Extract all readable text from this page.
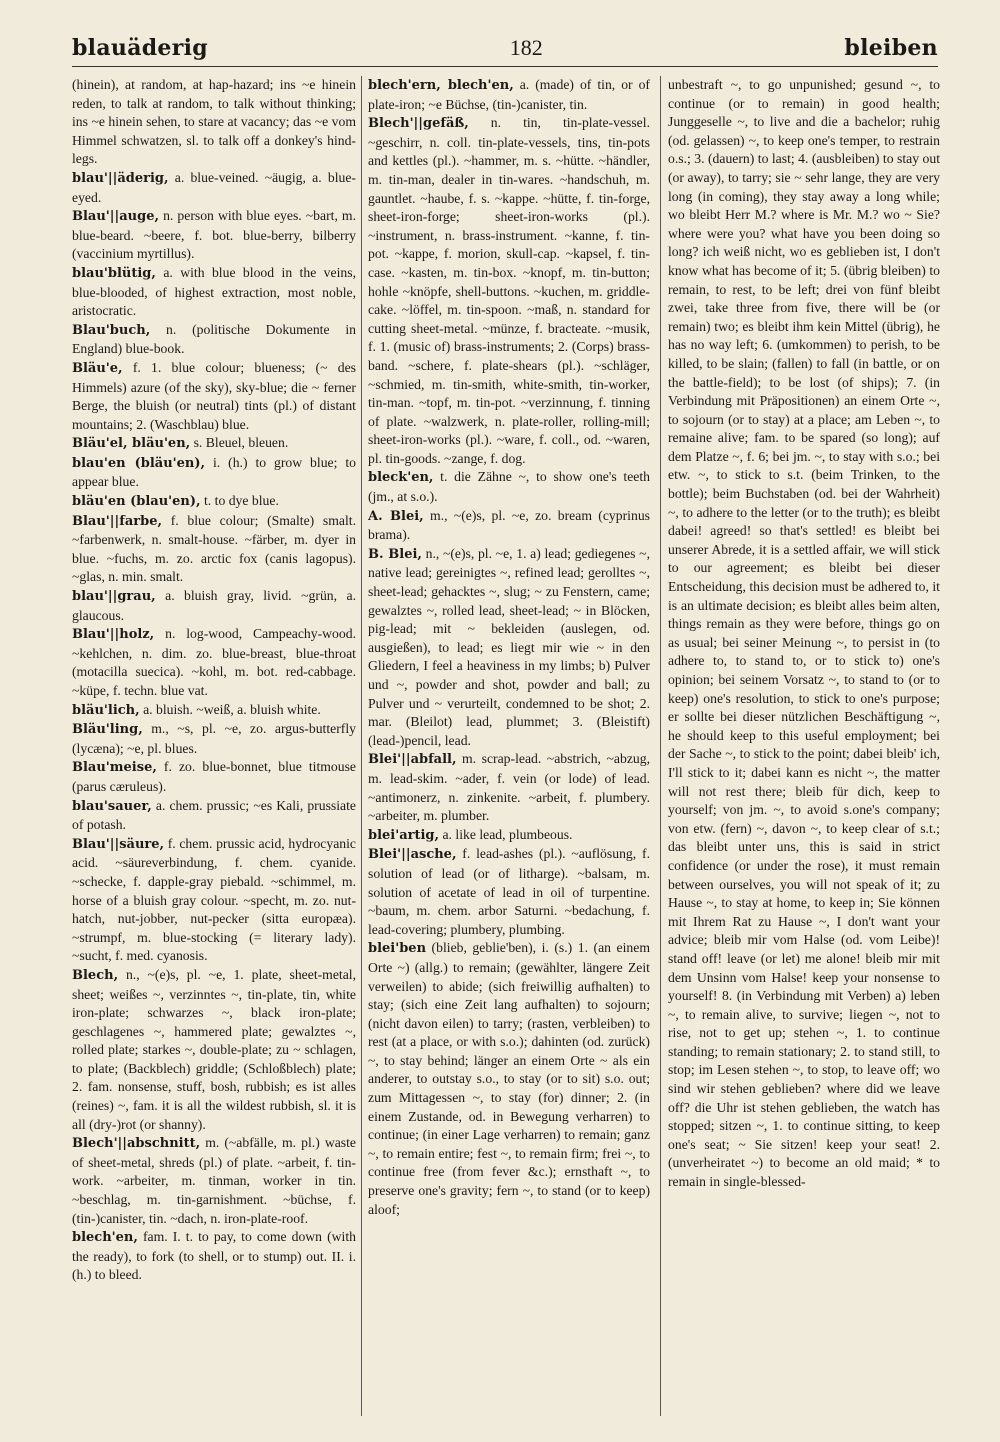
blauäderig	182	bleiben

(hinein), at random, at hap-hazard; ins ~e hinein reden, to talk at random, to talk without thinking; ins ~e hinein sehen, to stare at vacancy; das ~e vom Himmel schwatzen, sl. to talk off a donkey's hind-legs.

blau'||äderig, a. blue-veined. ~äugig, a. blue-eyed.

Blau'||auge, n. person with blue eyes. ~bart, m. blue-beard. ~beere, f. bot. blue-berry, bilberry (vaccinium myrtillus).

blau'blütig, a. with blue blood in the veins, blue-blooded, of highest extraction, most noble, aristocratic.

Blau'buch, n. (politische Dokumente in England) blue-book.

Bläu'e, f. 1. blue colour; blueness; (~ des Himmels) azure (of the sky), sky-blue; die ~ ferner Berge, the bluish (or neutral) tints (pl.) of distant mountains; 2. (Waschblau) blue.

Bläu'el, bläu'en, s. Bleuel, bleuen.

blau'en (bläu'en), i. (h.) to grow blue; to appear blue.

bläu'en (blau'en), t. to dye blue.

Blau'||farbe, f. blue colour; (Smalte) smalt. ~farbenwerk, n. smalt-house. ~färber, m. dyer in blue. ~fuchs, m. zo. arctic fox (canis lagopus). ~glas, n. min. smalt.

blau'||grau, a. bluish gray, livid. ~grün, a. glaucous.

Blau'||holz, n. log-wood, Campeachy-wood. ~kehlchen, n. dim. zo. blue-breast, blue-throat (motacilla suecica). ~kohl, m. bot. red-cabbage. ~küpe, f. techn. blue vat.

bläu'lich, a. bluish. ~weiß, a. bluish white.

Bläu'ling, m., ~s, pl. ~e, zo. argus-butterfly (lycæna); ~e, pl. blues.

Blau'meise, f. zo. blue-bonnet, blue titmouse (parus cæruleus).

blau'sauer, a. chem. prussic; ~es Kali, prussiate of potash.

Blau'||säure, f. chem. prussic acid, hydrocyanic acid. ~säureverbindung, f. chem. cyanide. ~schecke, f. dapple-gray piebald. ~schimmel, m. horse of a bluish gray colour. ~specht, m. zo. nut-hatch, nut-jobber, nut-pecker (sitta europæa). ~strumpf, m. blue-stocking (= literary lady). ~sucht, f. med. cyanosis.

Blech, n., ~(e)s, pl. ~e, 1. plate, sheet-metal, sheet; weißes ~, verzinntes ~, tin-plate, tin, white iron-plate; schwarzes ~, black iron-plate; geschlagenes ~, hammered plate; gewalztes ~, rolled plate; starkes ~, double-plate; zu ~ schlagen, to plate; (Backblech) griddle; (Schloßblech) plate; 2. fam. nonsense, stuff, bosh, rubbish; es ist alles (reines) ~, fam. it is all the wildest rubbish, sl. it is all (dry-)rot (or shanny).

Blech'||abschnitt, m. (~abfälle, m. pl.) waste of sheet-metal, shreds (pl.) of plate. ~arbeit, f. tin-work. ~arbeiter, m. tinman, worker in tin. ~beschlag, m. tin-garnishment. ~büchse, f. (tin-)canister, tin. ~dach, n. iron-plate-roof.

blech'en, fam. I. t. to pay, to come down (with the ready), to fork (to shell, or to stump) out. II. i. (h.) to bleed.

blech'ern, blech'en, a. (made) of tin, or of plate-iron; ~e Büchse, (tin-)canister, tin.

Blech'||gefäß, n. tin, tin-plate-vessel. ~geschirr, n. coll. tin-plate-vessels, tins, tin-pots and kettles (pl.). ~hammer, m. s. ~hütte. ~händler, m. tin-man, dealer in tin-wares. ~handschuh, m. gauntlet. ~haube, f. s. ~kappe. ~hütte, f. tin-forge, sheet-iron-forge; sheet-iron-works (pl.). ~instrument, n. brass-instrument. ~kanne, f. tin-pot. ~kappe, f. morion, skull-cap. ~kapsel, f. tin-case. ~kasten, m. tin-box. ~knopf, m. tin-button; hohle ~knöpfe, shell-buttons. ~kuchen, m. griddle-cake. ~löffel, m. tin-spoon. ~maß, n. standard for cutting sheet-metal. ~münze, f. bracteate. ~musik, f. 1. (music of) brass-instruments; 2. (Corps) brass-band. ~schere, f. plate-shears (pl.). ~schläger, ~schmied, m. tin-smith, white-smith, tin-worker, tin-man. ~topf, m. tin-pot. ~verzinnung, f. tinning of plate. ~walzwerk, n. plate-roller, rolling-mill; sheet-iron-works (pl.). ~ware, f. coll., od. ~waren, pl. tin-goods. ~zange, f. dog.

bleck'en, t. die Zähne ~, to show one's teeth (jm., at s.o.).

A. Blei, m., ~(e)s, pl. ~e, zo. bream (cyprinus brama).

B. Blei, n., ~(e)s, pl. ~e, 1. a) lead; gediegenes ~, native lead; gereinigtes ~, refined lead; gerolltes ~, sheet-lead; gehacktes ~, slug; ~ zu Fenstern, came; gewalztes ~, rolled lead, sheet-lead; ~ in Blöcken, pig-lead; mit ~ bekleiden (auslegen, od. ausgießen), to lead; es liegt mir wie ~ in den Gliedern, I feel a heaviness in my limbs; b) Pulver und ~, powder and shot, powder and ball; zu Pulver und ~ verurteilt, condemned to be shot; 2. mar. (Bleilot) lead, plummet; 3. (Bleistift) (lead-)pencil, lead.

Blei'||abfall, m. scrap-lead. ~abstrich, ~abzug, m. lead-skim. ~ader, f. vein (or lode) of lead. ~antimonerz, n. zinkenite. ~arbeit, f. plumbery. ~arbeiter, m. plumber.

blei'artig, a. like lead, plumbeous.

Blei'||asche, f. lead-ashes (pl.). ~auflösung, f. solution of lead (or of litharge). ~balsam, m. solution of acetate of lead in oil of turpentine. ~baum, m. chem. arbor Saturni. ~bedachung, f. lead-covering; plumbery, plumbing.

blei'ben (blieb, geblie'ben), i. (s.) 1. (an einem Orte ~) (allg.) to remain; (gewählter, längere Zeit verweilen) to abide; (sich freiwillig aufhalten) to stay; (sich eine Zeit lang aufhalten) to sojourn; (nicht davon eilen) to tarry; (rasten, verbleiben) to rest (at a place, or with s.o.); dahinten (od. zurück) ~, to stay behind; länger an einem Orte ~ als ein anderer, to outstay s.o., to stay (or to sit) s.o. out; zum Mittagessen ~, to stay (for) dinner; 2. (in einem Zustande, od. in Bewegung verharren) to continue; (in einer Lage verharren) to remain; ganz ~, to remain entire; fest ~, to remain firm; frei ~, to continue free (from fever &c.); ernsthaft ~, to preserve one's gravity; fern ~, to stand (or to keep) aloof;

unbestraft ~, to go unpunished; gesund ~, to continue (or to remain) in good health; Junggeselle ~, to live and die a bachelor; ruhig (od. gelassen) ~, to keep one's temper, to restrain o.s.; 3. (dauern) to last; 4. (ausbleiben) to stay out (or away), to tarry; sie ~ sehr lange, they are very long (in coming), they stay away a long while; wo bleibt Herr M.? where is Mr. M.? wo ~ Sie? where were you? what have you been doing so long? ich weiß nicht, wo es geblieben ist, I don't know what has become of it; 5. (übrig bleiben) to remain, to rest, to be left; drei von fünf bleibt zwei, take three from five, there will be (or remain) two; es bleibt ihm kein Mittel (übrig), he has no way left; 6. (umkommen) to perish, to be killed, to be slain; (fallen) to fall (in battle, or on the battle-field); to be lost (of ships); 7. (in Verbindung mit Präpositionen) an einem Orte ~, to sojourn (or to stay) at a place; am Leben ~, to remaine alive; fam. to be spared (so long); auf dem Platze ~, f. 6; bei jm. ~, to stay with s.o.; bei etw. ~, to stick to s.t. (beim Trinken, to the bottle); beim Buchstaben (od. bei der Wahrheit) ~, to adhere to the letter (or to the truth); es bleibt dabei! agreed! so that's settled! es bleibt bei unserer Abrede, it is a settled affair, we will stick to our agreement; es bleibt bei dieser Entscheidung, this decision must be adhered to, it is an ultimate decision; es bleibt alles beim alten, things remain as they were before, things go on as usual; bei seiner Meinung ~, to persist in (to adhere to, to stand to, or to stick to) one's opinion; bei seinem Vorsatz ~, to stand to (or to keep) one's resolution, to stick to one's purpose; er sollte bei dieser nützlichen Beschäftigung ~, he should keep to this useful employment; bei der Sache ~, to stick to the point; dabei bleib' ich, I'll stick to it; dabei kann es nicht ~, the matter will not rest there; bleib für dich, keep to yourself; von jm. ~, to avoid s.one's company; von etw. (fern) ~, davon ~, to keep clear of s.t.; das bleibt unter uns, this is said in strict confidence (or under the rose), it must remain between ourselves, you will not speak of it; zu Hause ~, to stay at home, to keep in; Sie können mit Ihrem Rat zu Hause ~, I don't want your advice; bleib mir vom Halse (od. vom Leibe)! stand off! leave (or let) me alone! bleib mir mit dem Unsinn vom Halse! keep your nonsense to yourself! 8. (in Verbindung mit Verben) a) leben ~, to remain alive, to survive; liegen ~, not to rise, not to get up; stehen ~, 1. to continue standing; to remain stationary; 2. to stand still, to stop; im Lesen stehen ~, to stop, to leave off; wo sind wir stehen geblieben? where did we leave off? die Uhr ist stehen geblieben, the watch has stopped; sitzen ~, 1. to continue sitting, to keep one's seat; ~ Sie sitzen! keep your seat! 2. (unverheiratet ~) to become an old maid; * to remain in single-blessed-
